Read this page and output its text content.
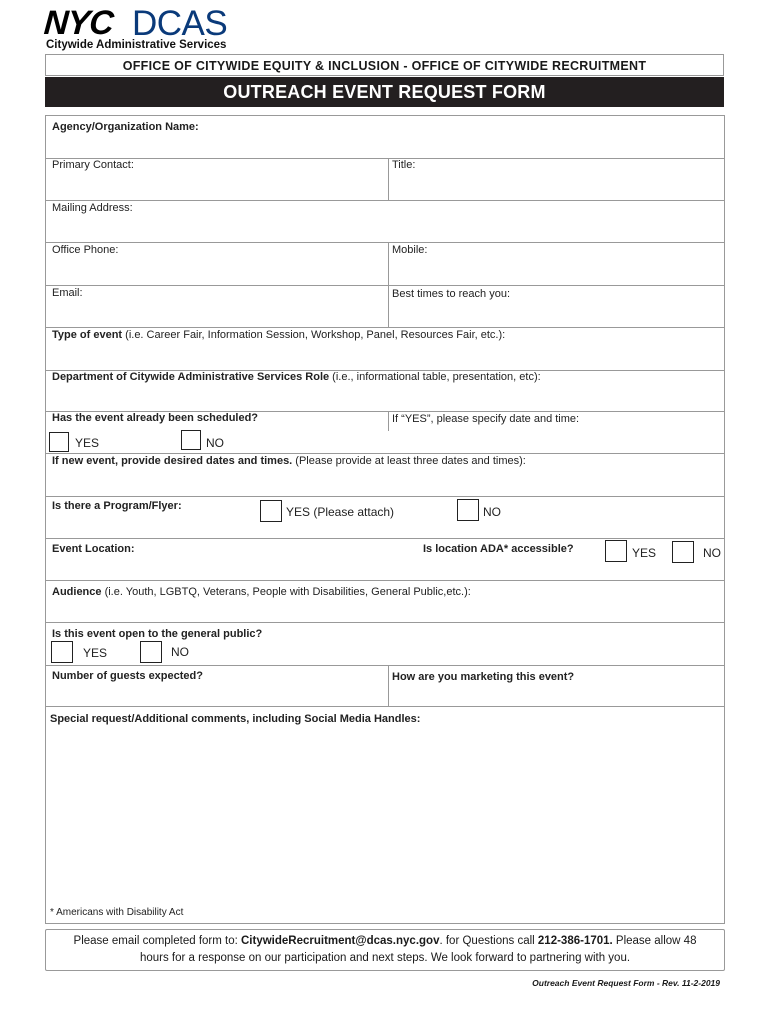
NYC DCAS
Citywide Administrative Services
OFFICE OF CITYWIDE EQUITY & INCLUSION - OFFICE OF CITYWIDE RECRUITMENT
OUTREACH EVENT REQUEST FORM
Agency/Organization Name:
Primary Contact:	Title:
Mailing Address:
Office Phone:	Mobile:
Email:	Best times to reach you:
Type of event (i.e. Career Fair, Information Session, Workshop, Panel, Resources Fair, etc.):
Department of Citywide Administrative Services Role (i.e., informational table, presentation, etc):
Has the event already been scheduled?	If “YES”, please specify date and time:
YES	NO
If new event, provide desired dates and times. (Please provide at least three dates and times):
Is there a Program/Flyer:	YES (Please attach)	NO
Event Location:	Is location ADA* accessible?	YES	NO
Audience (i.e. Youth, LGBTQ, Veterans, People with Disabilities, General Public,etc.):
Is this event open to the general public?
YES	NO
Number of guests expected?	How are you marketing this event?
Special request/Additional comments, including Social Media Handles:
* Americans with Disability Act
Please email completed form to: CitywideRecruitment@dcas.nyc.gov. for Questions call 212-386-1701. Please allow 48
hours for a response on our participation and next steps. We look forward to partnering with you.
Outreach Event Request Form - Rev. 11-2-2019
